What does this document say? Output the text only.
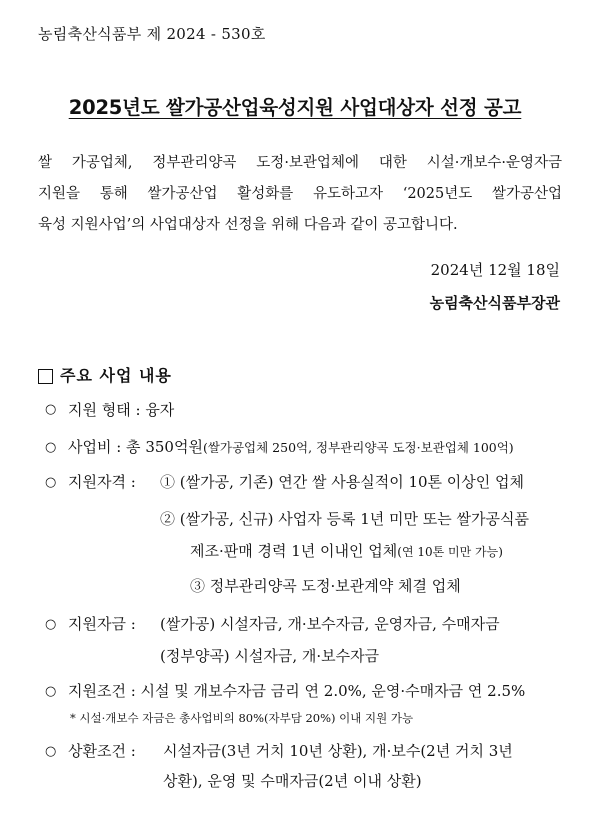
농림축산식품부 제 2024 - 530호
2025년도 쌀가공산업육성지원 사업대상자 선정 공고
쌀 가공업체, 정부관리양곡 도정·보관업체에 대한 시설·개보수·운영자금
지원을 통해 쌀가공산업 활성화를 유도하고자 ‘2025년도 쌀가공산업
육성 지원사업’의 사업대상자 선정을 위해 다음과 같이 공고합니다.
2024년 12월 18일
농림축산식품부장관
주요 사업 내용
○ 지원 형태 : 융자
○ 사업비 : 총 350억원(쌀가공업체 250억, 정부관리양곡 도정·보관업체 100억)
○ 지원자격 : ① (쌀가공, 기존) 연간 쌀 사용실적이 10톤 이상인 업체
② (쌀가공, 신규) 사업자 등록 1년 미만 또는 쌀가공식품
제조·판매 경력 1년 이내인 업체(연 10톤 미만 가능)
③ 정부관리양곡 도정·보관계약 체결 업체
○ 지원자금 : (쌀가공) 시설자금, 개·보수자금, 운영자금, 수매자금
(정부양곡) 시설자금, 개·보수자금
○ 지원조건 : 시설 및 개보수자금 금리 연 2.0%, 운영·수매자금 연 2.5%
* 시설·개보수 자금은 총사업비의 80%(자부담 20%) 이내 지원 가능
○ 상환조건 : 시설자금(3년 거치 10년 상환), 개·보수(2년 거치 3년
상환), 운영 및 수매자금(2년 이내 상환)
